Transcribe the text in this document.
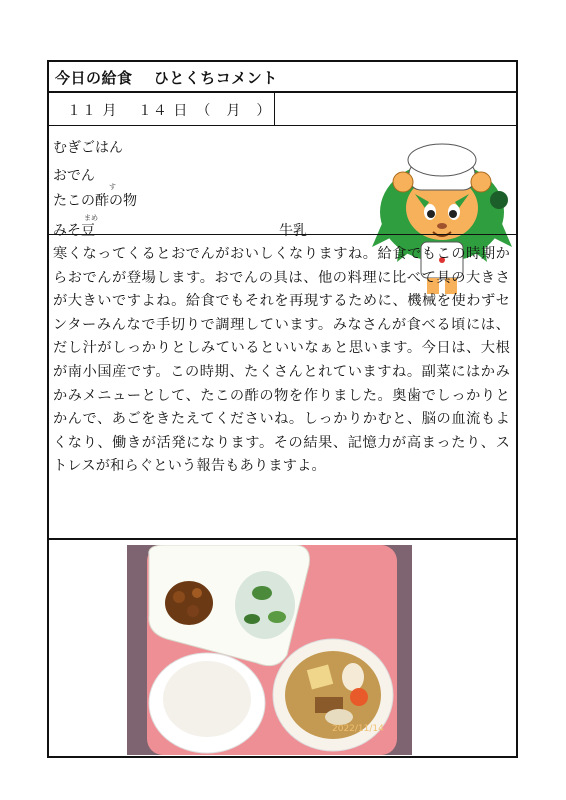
今日の給食　 ひとくちコメント
１１ 月　 １４ 日　（　月　）
むぎごはん
おでん
す
たこの酢の物
まめ
みそ豆	牛乳

寒くなってくるとおでんがおいしくなりますね。給食でもこの時期からおでんが登場します。おでんの具は、他の料理に比べて具の大きさが大きいですよね。給食でもそれを再現するために、機械を使わずセンターみんなで手切りで調理しています。みなさんが食べる頃には、だし汁がしっかりとしみているといいなぁと思います。今日は、大根が南小国産です。この時期、たくさんとれていますね。副菜にはかみかみメニューとして、たこの酢の物を作りました。奥歯でしっかりとかんで、あごをきたえてくださいね。しっかりかむと、脳の血流もよくなり、働きが活発になります。その結果、記憶力が高まったり、ストレスが和らぐという報告もありますよ。

2022/11/14
